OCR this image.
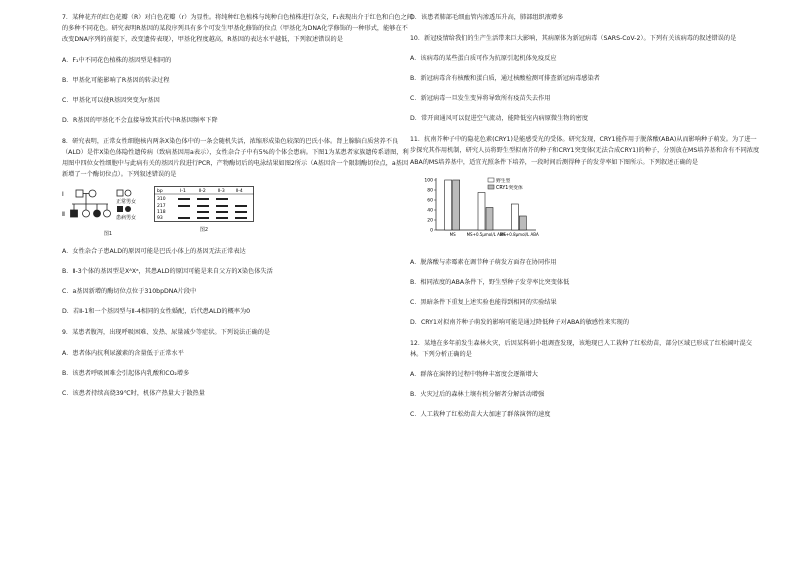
7．某种花卉的红色花瓣（R）对白色花瓣（r）为显性。将纯种红色植株与纯种白色植株进行杂交，F₁表现出介于红色和白色之间的多种不同花色。研究表明R基因的某段序列具有多个可发生甲基化修饰的位点（甲基化为DNA化学修饰的一种形式，能够在不改变DNA序列的前提下，改变遗传表现），甲基化程度越高，R基因的表达水平越低，下列叙述错误的是

A．F₁中不同花色植株的基因型是相同的
B．甲基化可能影响了R基因的转录过程
C．甲基化可以使R基因突变为r基因
D．R基因的甲基化不会直接导致其后代中R基因频率下降

8．研究表明，正常女性细胞核内两条X染色体中的一条会随机失活，浓缩形成染色较深的巴氏小体。肾上腺脑白质营养不良（ALD）是伴X染色体隐性遗传病（致病基因用a表示），女性杂合子中有5%的个体会患病。下图1为某患者家族遗传系谱图，利用图中四位女性细胞中与此病有关的基因片段进行PCR，产物酶切后的电泳结果如图2所示（A基因含一个限制酶切位点，a基因新增了一个酶切位点）。下列叙述错误的是

Ⅰ
Ⅱ
正常男女
患病男女
图1
bp	Ⅰ-1	Ⅱ-2	Ⅱ-3	Ⅱ-4
310
217
118
93
图2
A．女性杂合子患ALD的原因可能是巴氏小体上的基因无法正常表达
B．Ⅱ-3个体的基因型是XᴬXᵃ，其患ALD的原因可能是来自父方的X染色体失活
C．a基因新增的酶切位点位于310bpDNA片段中
D．若Ⅱ-1和一个基因型与Ⅱ-4相同的女性婚配，后代患ALD的概率为0

9．某患者腹泻，出现呼吸困难、发热、尿量减少等症状。下列说法正确的是

A．患者体内抗利尿激素的含量低于正常水平
B．该患者呼吸困难会引起体内乳酸和CO₂增多
C．该患者持续高烧39℃时，机体产热量大于散热量
D．该患者肺部毛细血管内渗透压升高，肺部组织液增多

10．新冠疫情给我们的生产生活带来巨大影响，其病原体为新冠病毒（SARS-CoV-2）。下列有关该病毒的叙述错误的是

A．该病毒的某些蛋白质可作为抗原引起机体免疫反应
B．新冠病毒含有核酸和蛋白质，通过核酸检测可排查新冠病毒感染者
C．新冠病毒一旦发生变异将导致所有疫苗失去作用
D．常开窗通风可以促进空气流动，能降低室内病原微生物的密度

11．抗南芥种子中的隐花色素(CRY1)是能感受光的受体。研究发现，CRY1能作用于脱落酸(ABA)从而影响种子萌发。为了进一步探究其作用机制，研究人员将野生型拟南芥的种子和CRY1突变体(无法合成CRY1)的种子，分别放在MS培养基和含有不同浓度ABA的MS培养基中，适宜光照条件下培养，一段时间后测得种子的发芽率如下图所示。下列叙述正确的是

0
20
40
60
80
100
MS	MS+0.5μmol/L ABA
MS+0.8μmol/L ABA
野生型
CRY1突变体
A．脱落酸与赤霉素在调节种子萌发方面存在协同作用
B．相同浓度的ABA条件下，野生型种子发芽率比突变体低
C．黑暗条件下重复上述实验也能得到相同的实验结果
D．CRY1对拟南芥种子萌发的影响可能是通过降低种子对ABA的敏感性来实现的

12．某地在多年前发生森林火灾，后因某科研小组调查发现，该地现已人工栽种了红松幼苗，部分区域已形成了红松阔叶混交林。下列分析正确的是

A．群落在演替的过程中物种丰富度会逐渐增大
B．火灾过后的森林土壤有机分解者分解活动增强
C．人工栽种了红松幼苗大大加速了群落演替的速度
